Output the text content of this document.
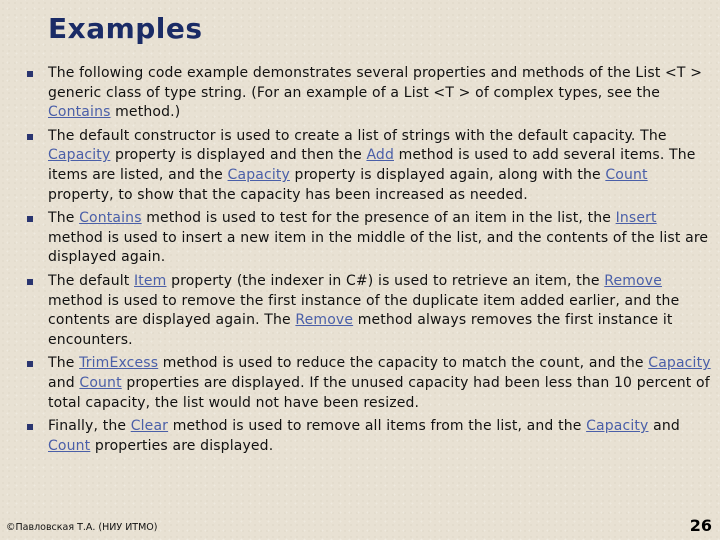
Examples
The following code example demonstrates several properties and methods of the List <T > generic class of type string. (For an example of a List <T > of complex types, see the Contains method.)
The default constructor is used to create a list of strings with the default capacity. The Capacity property is displayed and then the Add method is used to add several items. The items are listed, and the Capacity property is displayed again, along with the Count property, to show that the capacity has been increased as needed.
The Contains method is used to test for the presence of an item in the list, the Insert method is used to insert a new item in the middle of the list, and the contents of the list are displayed again.
The default Item property (the indexer in C#) is used to retrieve an item, the Remove method is used to remove the first instance of the duplicate item added earlier, and the contents are displayed again. The Remove method always removes the first instance it encounters.
The TrimExcess method is used to reduce the capacity to match the count, and the Capacity and Count properties are displayed. If the unused capacity had been less than 10 percent of total capacity, the list would not have been resized.
Finally, the Clear method is used to remove all items from the list, and the Capacity and Count properties are displayed.
©Павловская Т.А. (НИУ ИТМО)	26
